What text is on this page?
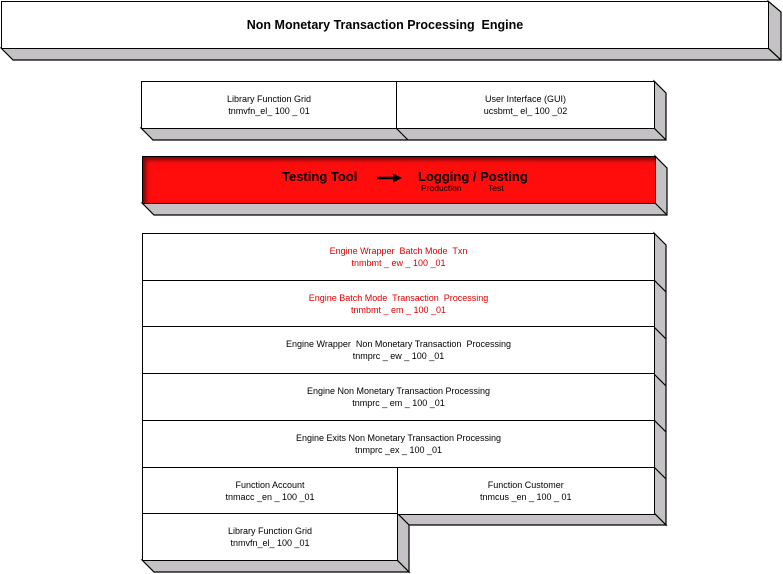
Non Monetary Transaction Processing  Engine
Library Function Grid
tnmvfn_el_ 100 _ 01
User Interface (GUI)
ucsbmt_ el_ 100 _02
Testing Tool	Logging / Posting
Production	Test
Engine Wrapper  Batch Mode  Txn
tnmbmt _ ew _ 100 _01
Engine Batch Mode  Transaction  Processing
tnmbmt _ em _ 100 _01
Engine Wrapper  Non Monetary Transaction  Processing
tnmprc _ ew _ 100 _01
Engine Non Monetary Transaction Processing
tnmprc _ em _ 100 _01
Engine Exits Non Monetary Transaction Processing
tnmprc _ex _ 100 _01
Function Account
tnmacc _en _ 100 _01
Function Customer
tnmcus _en _ 100 _ 01
Library Function Grid
tnmvfn_el_ 100 _01
